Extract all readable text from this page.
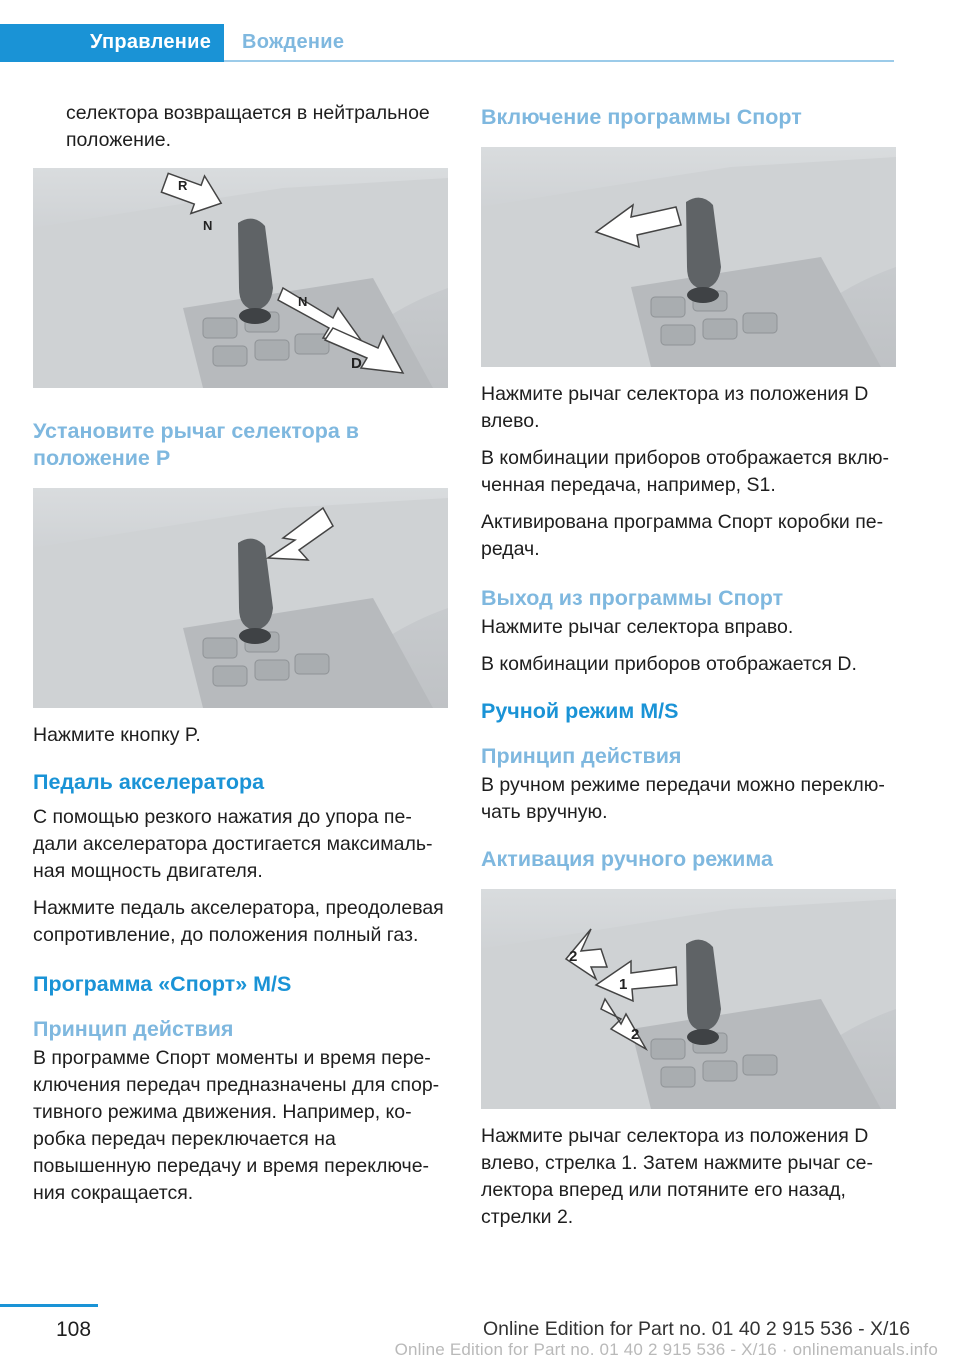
Управление	Вождение

селектора возвращается в нейтральное положение.

R
N
N
D
Установите рычаг селектора в положение P

Нажмите кнопку P.

Педаль акселератора

С помощью резкого нажатия до упора пе-дали акселератора достигается максималь-ная мощность двигателя.

Нажмите педаль акселератора, преодолевая сопротивление, до положения полный газ.

Программа «Спорт» M/S
Принцип действия

В программе Спорт моменты и время пере-ключения передач предназначены для спор-тивного режима движения. Например, ко-робка передач переключается на повышенную передачу и время переключе-ния сокращается.

Включение программы Спорт

Нажмите рычаг селектора из положения D влево.

В комбинации приборов отображается вклю-ченная передача, например, S1.

Активирована программа Спорт коробки пе-редач.

Выход из программы Спорт

Нажмите рычаг селектора вправо.

В комбинации приборов отображается D.

Ручной режим M/S
Принцип действия

В ручном режиме передачи можно переклю-чать вручную.

Активация ручного режима
2
1
2

Нажмите рычаг селектора из положения D влево, стрелка 1. Затем нажмите рычаг се-лектора вперед или потяните его назад, стрелки 2.

108	Online Edition for Part no. 01 40 2 915 536 - X/16
Online Edition for Part no. 01 40 2 915 536 - X/16 · onlinemanuals.info
